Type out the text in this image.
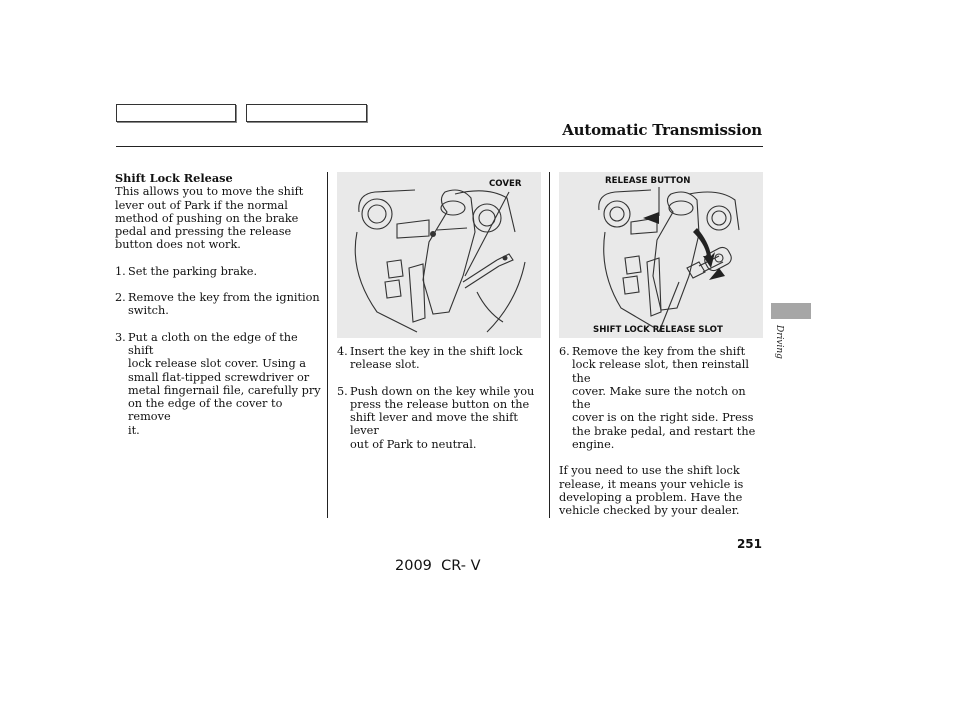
Automatic Transmission

Shift Lock Release

This allows you to move the shift
lever out of Park if the normal
method of pushing on the brake
pedal and pressing the release
button does not work.
1. Set the parking brake.
2. Remove the key from the ignition
switch.
3. Put a cloth on the edge of the shift
lock release slot cover. Using a
small flat-tipped screwdriver or
metal fingernail file, carefully pry
on the edge of the cover to remove
it.
COVER
4. Insert the key in the shift lock
release slot.
5. Push down on the key while you
press the release button on the
shift lever and move the shift lever
out of Park to neutral.
RELEASE BUTTON
SHIFT LOCK RELEASE SLOT
6. Remove the key from the shift
lock release slot, then reinstall the
cover. Make sure the notch on the
cover is on the right side. Press
the brake pedal, and restart the
engine.
If you need to use the shift lock
release, it means your vehicle is
developing a problem. Have the
vehicle checked by your dealer.
Driving
251
2009  CR- V
